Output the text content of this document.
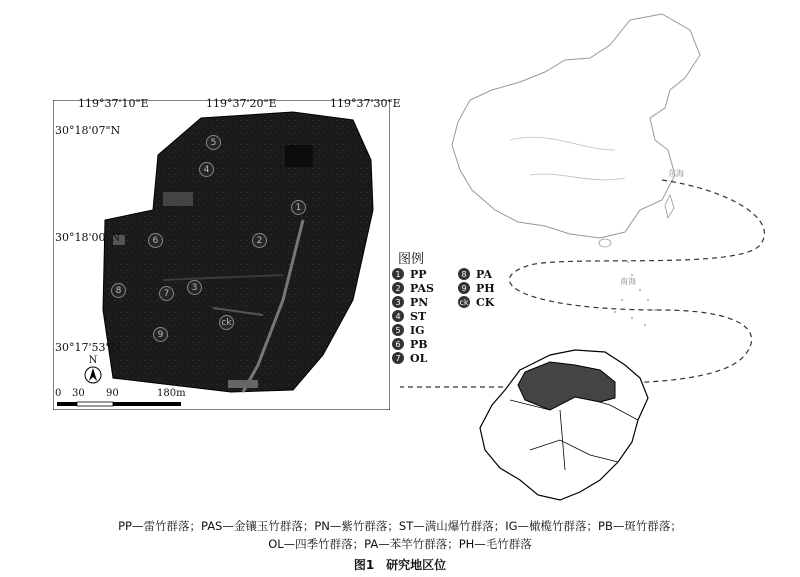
5
4
1
6	2
8	7
3
9
ck
119°37'10"E	119°37'20"E	119°37'30"E
30°18'07"N
30°18'00"N
30°17'53"N
N
0 30 90	180m
图例
1 PP
2 PAS
3 PN
4 ST
5 IG
6 PB
7 OL
8 PA
9 PH
ck CK
东海
南海
PP—雷竹群落；PAS—金镶玉竹群落；PN—紫竹群落；ST—满山爆竹群落；IG—橄榄竹群落；PB—斑竹群落；
OL—四季竹群落；PA—苯竿竹群落；PH—毛竹群落
图1　研究地区位
